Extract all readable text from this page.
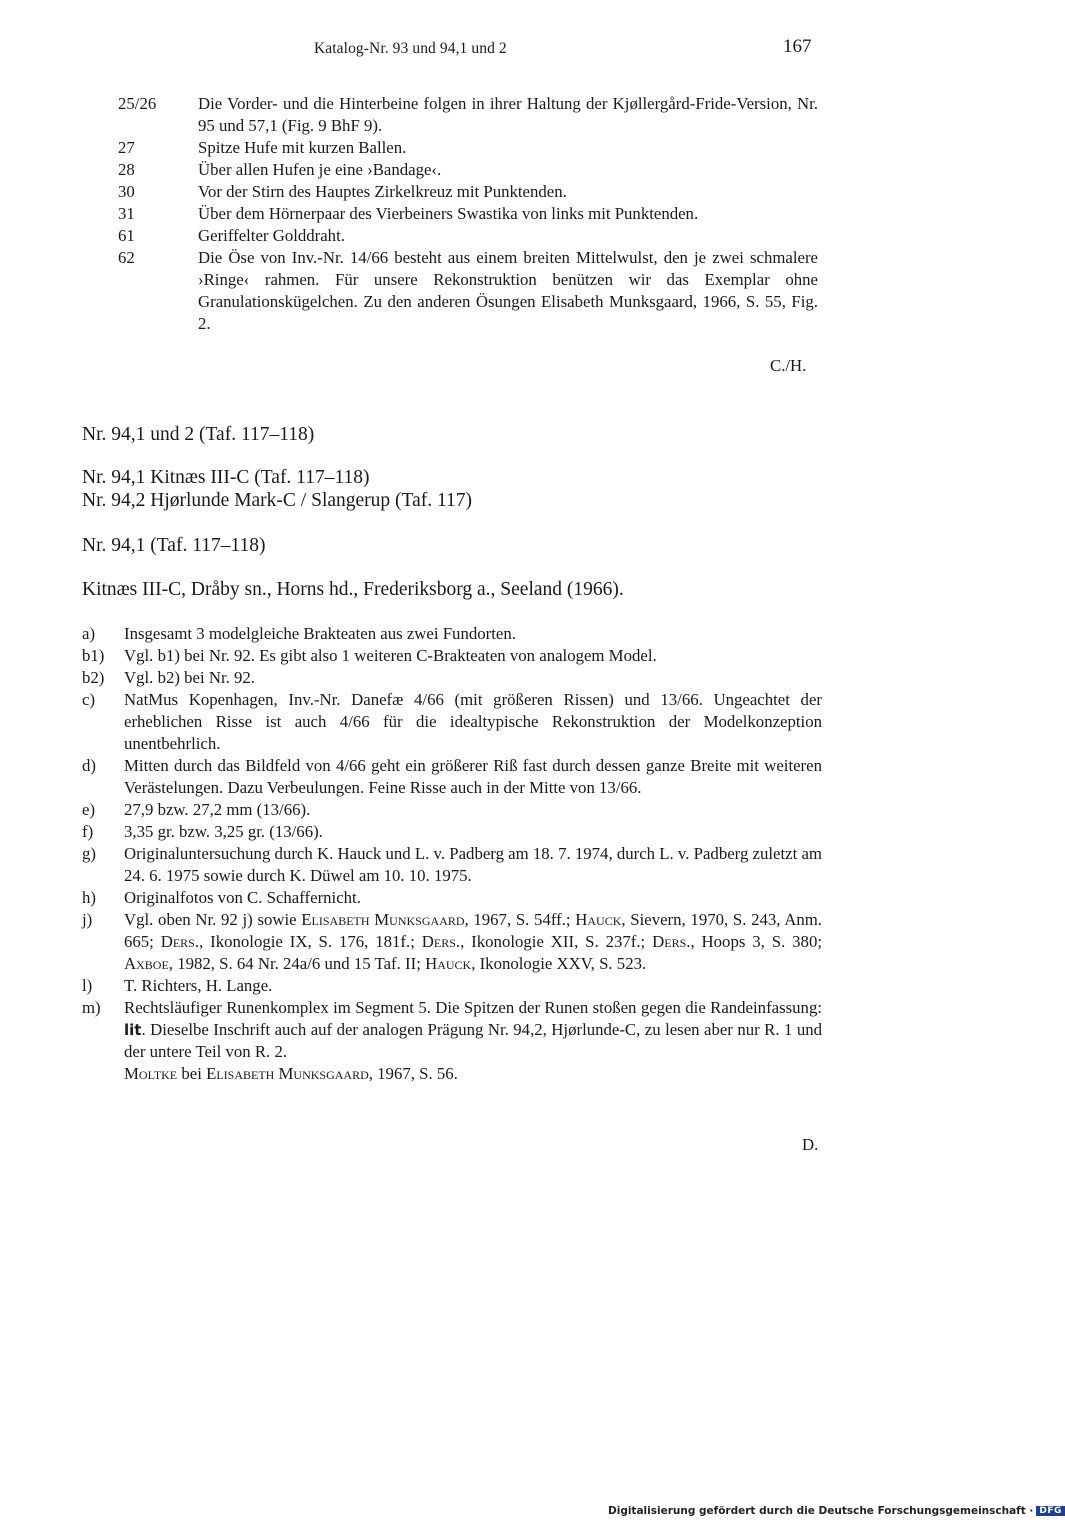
Katalog-Nr. 93 und 94,1 und 2	167
25/26	Die Vorder- und die Hinterbeine folgen in ihrer Haltung der Kjøllergård-Fride-Version, Nr. 95 und 57,1 (Fig. 9 BhF 9).
27	Spitze Hufe mit kurzen Ballen.
28	Über allen Hufen je eine ›Bandage‹.
30	Vor der Stirn des Hauptes Zirkelkreuz mit Punktenden.
31	Über dem Hörnerpaar des Vierbeiners Swastika von links mit Punktenden.
61	Geriffelter Golddraht.
62	Die Öse von Inv.-Nr. 14/66 besteht aus einem breiten Mittelwulst, den je zwei schmalere ›Ringe‹ rahmen. Für unsere Rekonstruktion benützen wir das Exemplar ohne Granulationskügelchen. Zu den anderen Ösungen Elisabeth Munksgaard, 1966, S. 55, Fig. 2.
C./H.
Nr. 94,1 und 2 (Taf. 117–118)
Nr. 94,1 Kitnæs III-C (Taf. 117–118)
Nr. 94,2 Hjørlunde Mark-C / Slangerup (Taf. 117)
Nr. 94,1 (Taf. 117–118)
Kitnæs III-C, Dråby sn., Horns hd., Frederiksborg a., Seeland (1966).
a)	Insgesamt 3 modelgleiche Brakteaten aus zwei Fundorten.
b1)	Vgl. b1) bei Nr. 92. Es gibt also 1 weiteren C-Brakteaten von analogem Model.
b2)	Vgl. b2) bei Nr. 92.
c)	NatMus Kopenhagen, Inv.-Nr. Danefæ 4/66 (mit größeren Rissen) und 13/66. Ungeachtet der erheblichen Risse ist auch 4/66 für die idealtypische Rekonstruktion der Modelkonzeption unentbehrlich.
d)	Mitten durch das Bildfeld von 4/66 geht ein größerer Riß fast durch dessen ganze Breite mit weiteren Verästelungen. Dazu Verbeulungen. Feine Risse auch in der Mitte von 13/66.
e)	27,9 bzw. 27,2 mm (13/66).
f)	3,35 gr. bzw. 3,25 gr. (13/66).
g)	Originaluntersuchung durch K. Hauck und L. v. Padberg am 18. 7. 1974, durch L. v. Padberg zuletzt am 24. 6. 1975 sowie durch K. Düwel am 10. 10. 1975.
h)	Originalfotos von C. Schaffernicht.
j)	Vgl. oben Nr. 92 j) sowie Elisabeth Munksgaard, 1967, S. 54ff.; Hauck, Sievern, 1970, S. 243, Anm. 665; Ders., Ikonologie IX, S. 176, 181f.; Ders., Ikonologie XII, S. 237f.; Ders., Hoops 3, S. 380; Axboe, 1982, S. 64 Nr. 24a/6 und 15 Taf. II; Hauck, Ikonologie XXV, S. 523.
l)	T. Richters, H. Lange.
m)	Rechtsläufiger Runenkomplex im Segment 5. Die Spitzen der Runen stoßen gegen die Randeinfassung: lit. Dieselbe Inschrift auch auf der analogen Prägung Nr. 94,2, Hjørlunde-C, zu lesen aber nur R. 1 und der untere Teil von R. 2.
Moltke bei Elisabeth Munksgaard, 1967, S. 56.
D.
Digitalisierung gefördert durch die Deutsche Forschungsgemeinschaft · DFG
